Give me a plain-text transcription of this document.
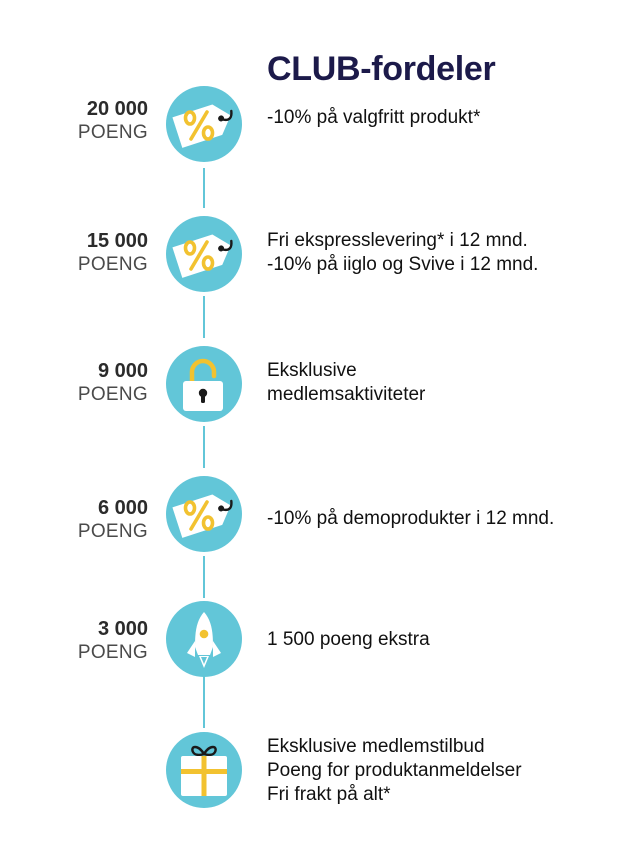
CLUB-fordeler
20 000
POENG
-10% på valgfritt produkt*
15 000
POENG
Fri ekspresslevering* i 12 mnd.
-10% på iiglo og Svive i 12 mnd.
9 000
POENG
Eksklusive
medlemsaktiviteter
6 000
POENG
-10% på demoprodukter i 12 mnd.
3 000
POENG
1 500 poeng ekstra
Eksklusive medlemstilbud
Poeng for produktanmeldelser
Fri frakt på alt*
